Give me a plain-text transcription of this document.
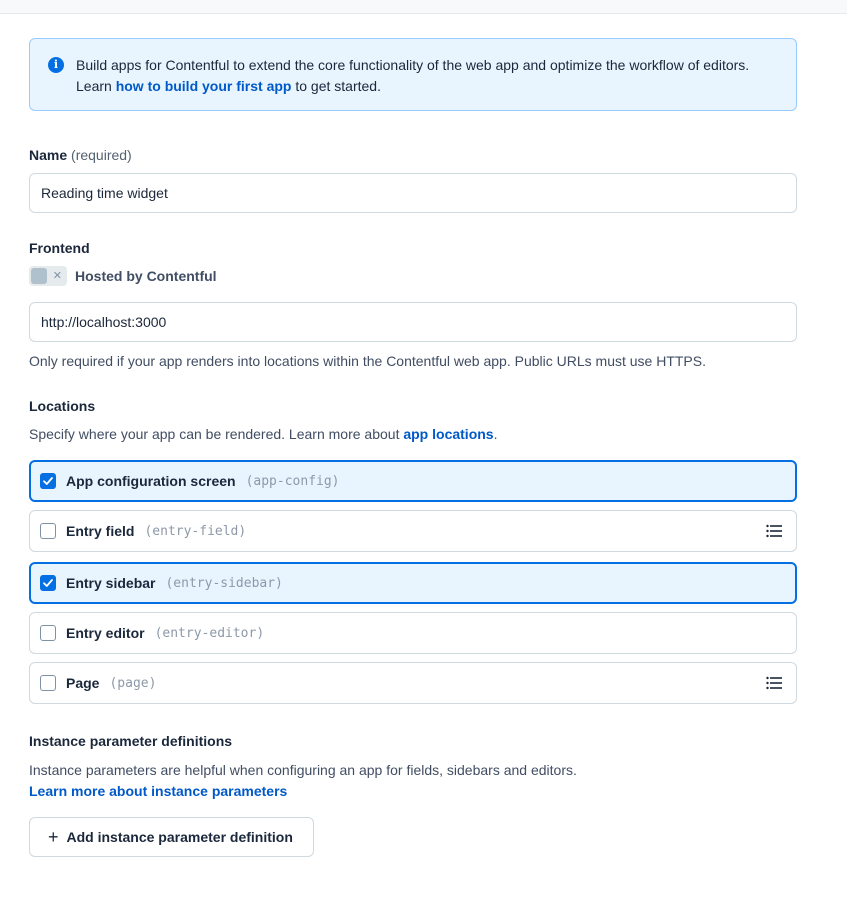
i	Build apps for Contentful to extend the core functionality of the web app and optimize the workflow of editors. Learn how to build your first app to get started.
Name (required)
Reading time widget
Frontend
✕ Hosted by Contentful
http://localhost:3000
Only required if your app renders into locations within the Contentful web app. Public URLs must use HTTPS.
Locations
Specify where your app can be rendered. Learn more about app locations.
App configuration screen (app-config)
Entry field (entry-field)
Entry sidebar (entry-sidebar)
Entry editor (entry-editor)
Page (page)
Instance parameter definitions
Instance parameters are helpful when configuring an app for fields, sidebars and editors.
Learn more about instance parameters
+ Add instance parameter definition
